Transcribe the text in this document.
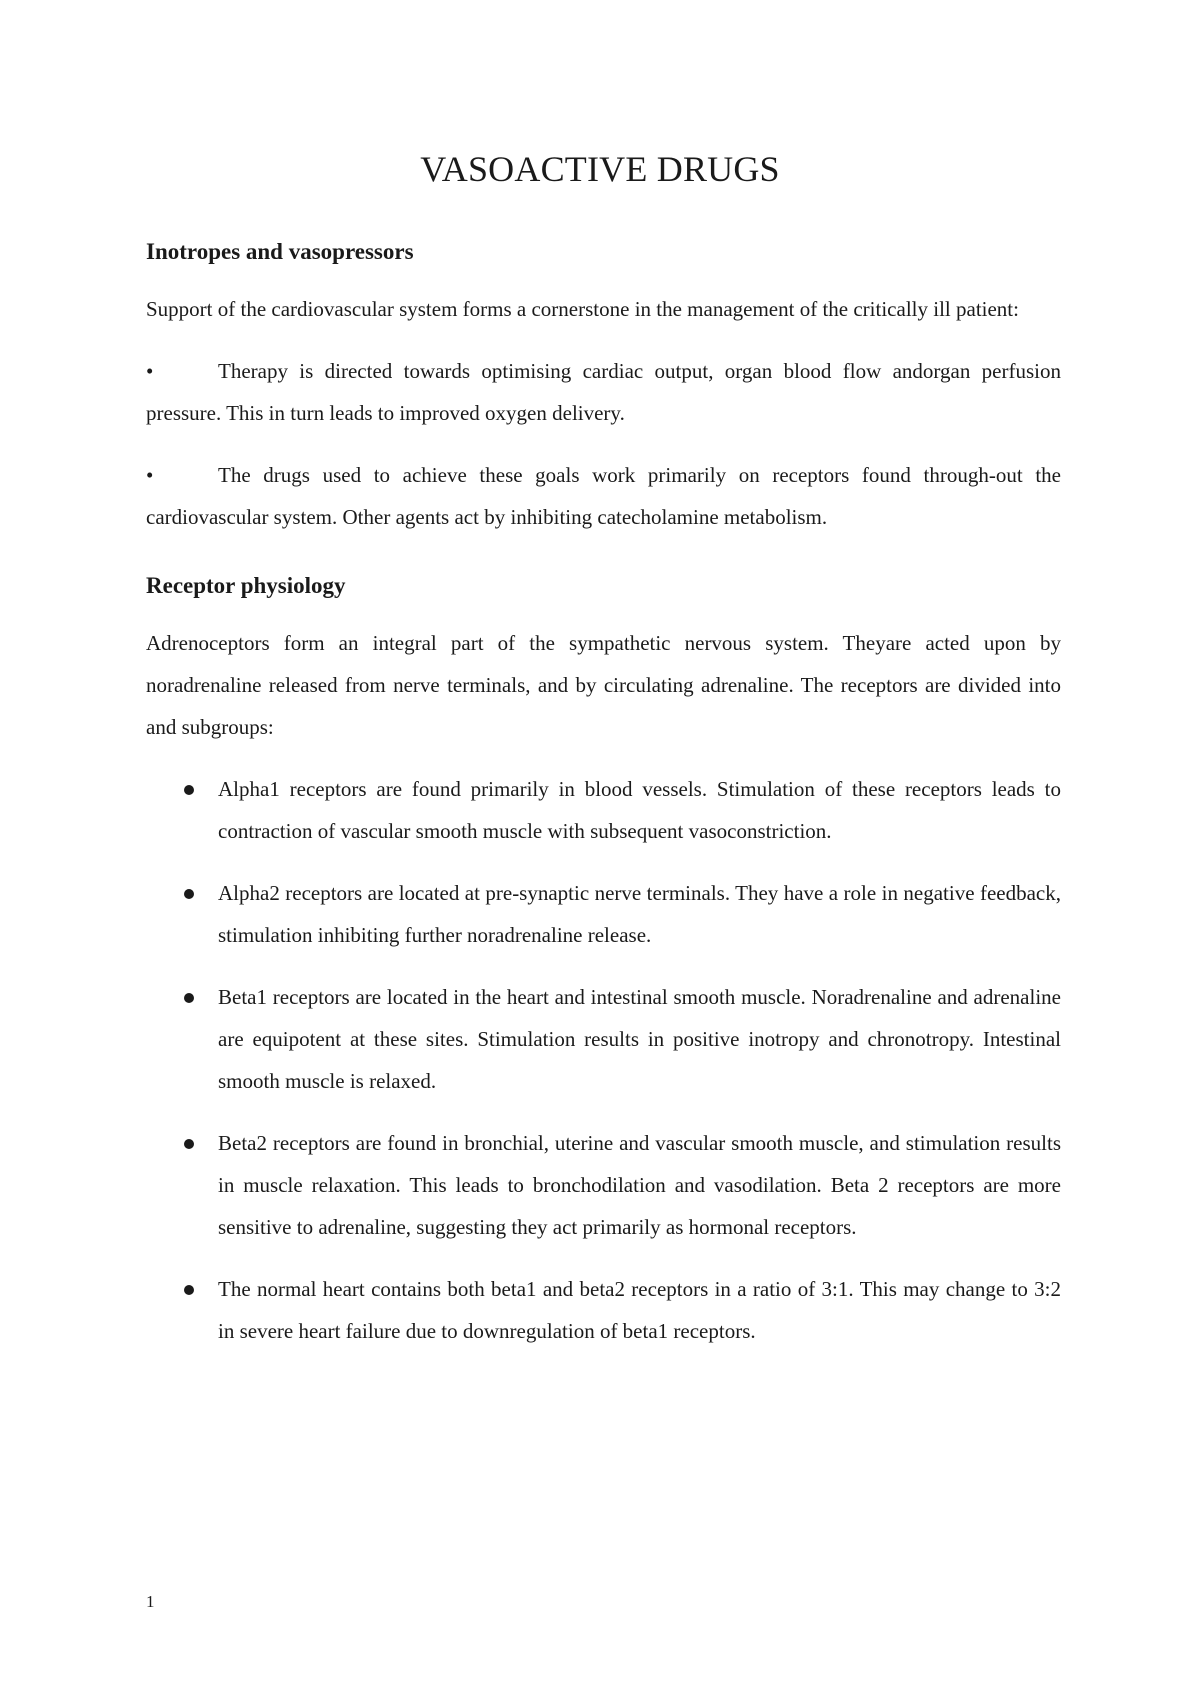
VASOACTIVE DRUGS
Inotropes and vasopressors

Support of the cardiovascular system forms a cornerstone in the management of the critically ill patient:

•	Therapy is directed towards optimising cardiac output, organ blood flow andorgan perfusion pressure. This in turn leads to improved oxygen delivery.
•	The drugs used to achieve these goals work primarily on receptors found through-out the cardiovascular system. Other agents act by inhibiting catecholamine metabolism.
Receptor physiology

Adrenoceptors form an integral part of the sympathetic nervous system. Theyare acted upon by noradrenaline released from nerve terminals, and by circulating adrenaline. The receptors are divided into and subgroups:

Alpha1 receptors are found primarily in blood vessels. Stimulation of these receptors leads to contraction of vascular smooth muscle with subsequent vasoconstriction.
Alpha2 receptors are located at pre-synaptic nerve terminals. They have a role in negative feedback, stimulation inhibiting further noradrenaline release.
Beta1 receptors are located in the heart and intestinal smooth muscle. Noradrenaline and adrenaline are equipotent at these sites. Stimulation results in positive inotropy and chronotropy. Intestinal smooth muscle is relaxed.
Beta2 receptors are found in bronchial, uterine and vascular smooth muscle, and stimulation results in muscle relaxation. This leads to bronchodilation and vasodilation. Beta 2 receptors are more sensitive to adrenaline, suggesting they act primarily as hormonal receptors.
The normal heart contains both beta1 and beta2 receptors in a ratio of 3:1. This may change to 3:2 in severe heart failure due to downregulation of beta1 receptors.
1
